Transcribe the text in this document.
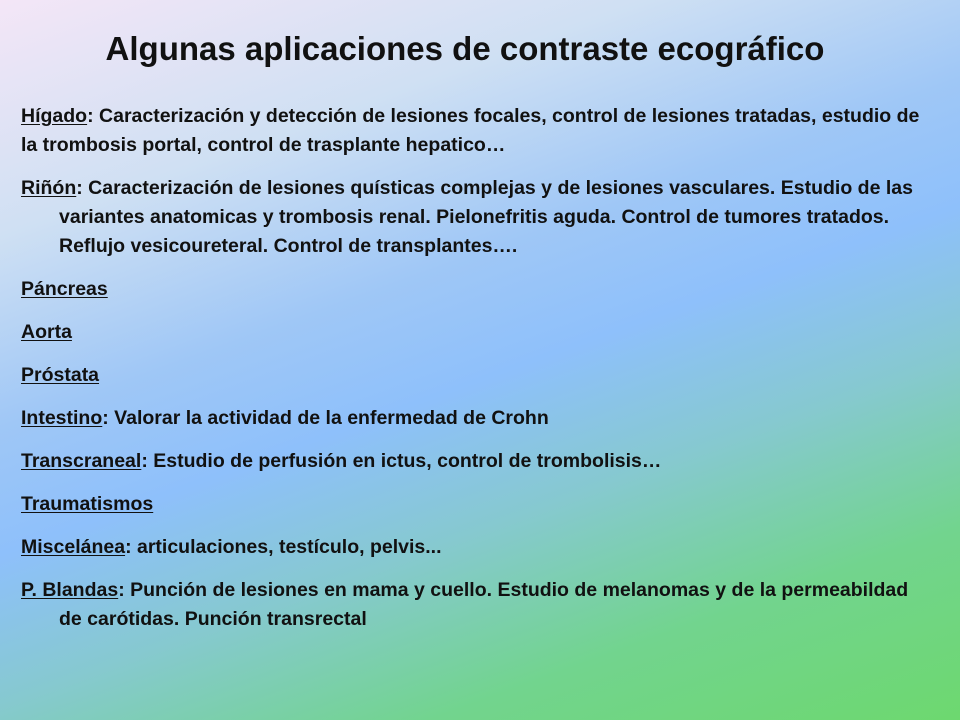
Algunas aplicaciones de contraste ecográfico

Hígado: Caracterización y detección de lesiones focales, control de lesiones tratadas, estudio de la trombosis portal, control de trasplante hepatico…

Riñón: Caracterización de lesiones quísticas complejas y de lesiones vasculares. Estudio de las variantes anatomicas y trombosis renal. Pielonefritis aguda. Control de tumores tratados. Reflujo vesicoureteral. Control de transplantes….

Páncreas

Aorta

Próstata

Intestino: Valorar la actividad de la enfermedad de Crohn

Transcraneal: Estudio de perfusión en ictus, control de trombolisis…

Traumatismos

Miscelánea: articulaciones, testículo, pelvis...

P. Blandas: Punción de lesiones en mama y cuello. Estudio de melanomas y de la permeabildad de carótidas. Punción transrectal
